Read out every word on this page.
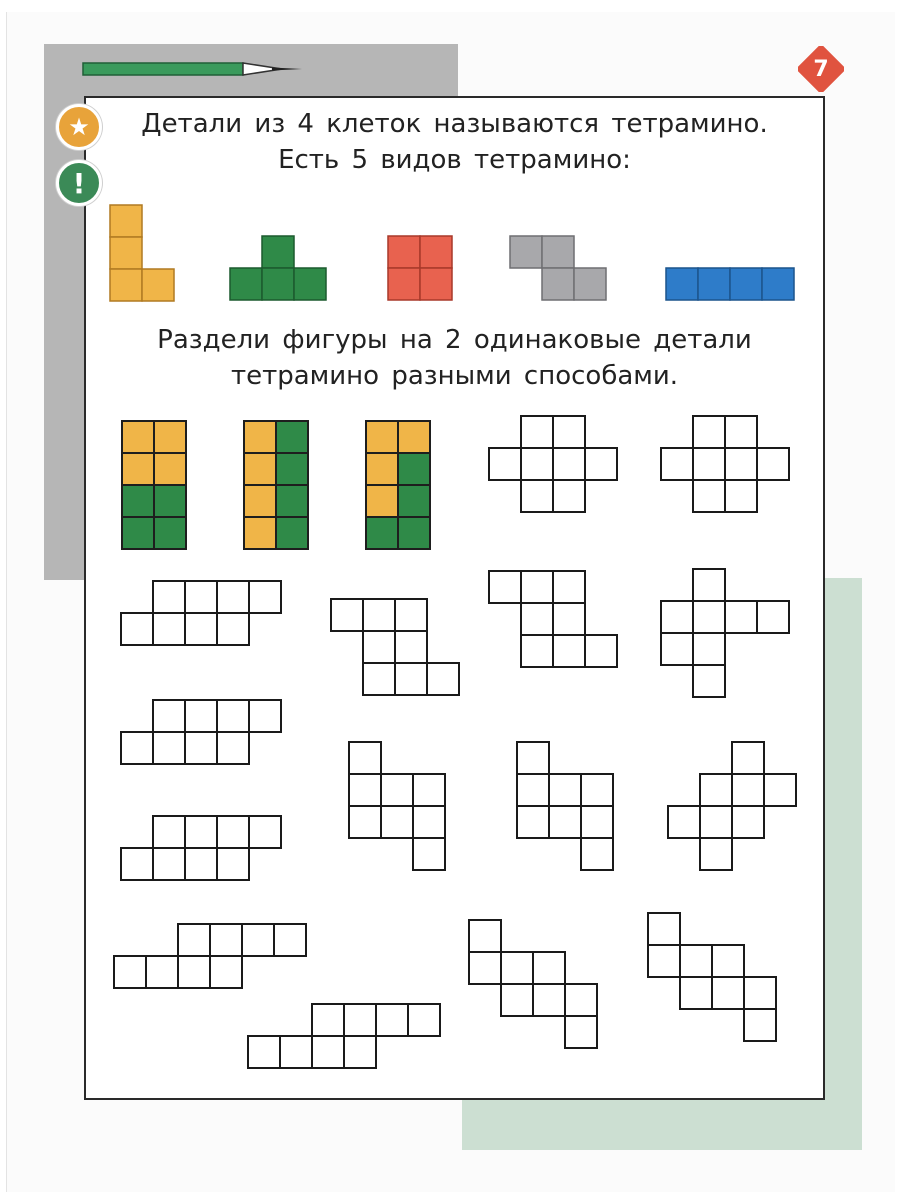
★
!
7
Детали из 4 клеток называются тетрамино.
Есть 5 видов тетрамино:
Раздели фигуры на 2 одинаковые детали
тетрамино разными способами.
